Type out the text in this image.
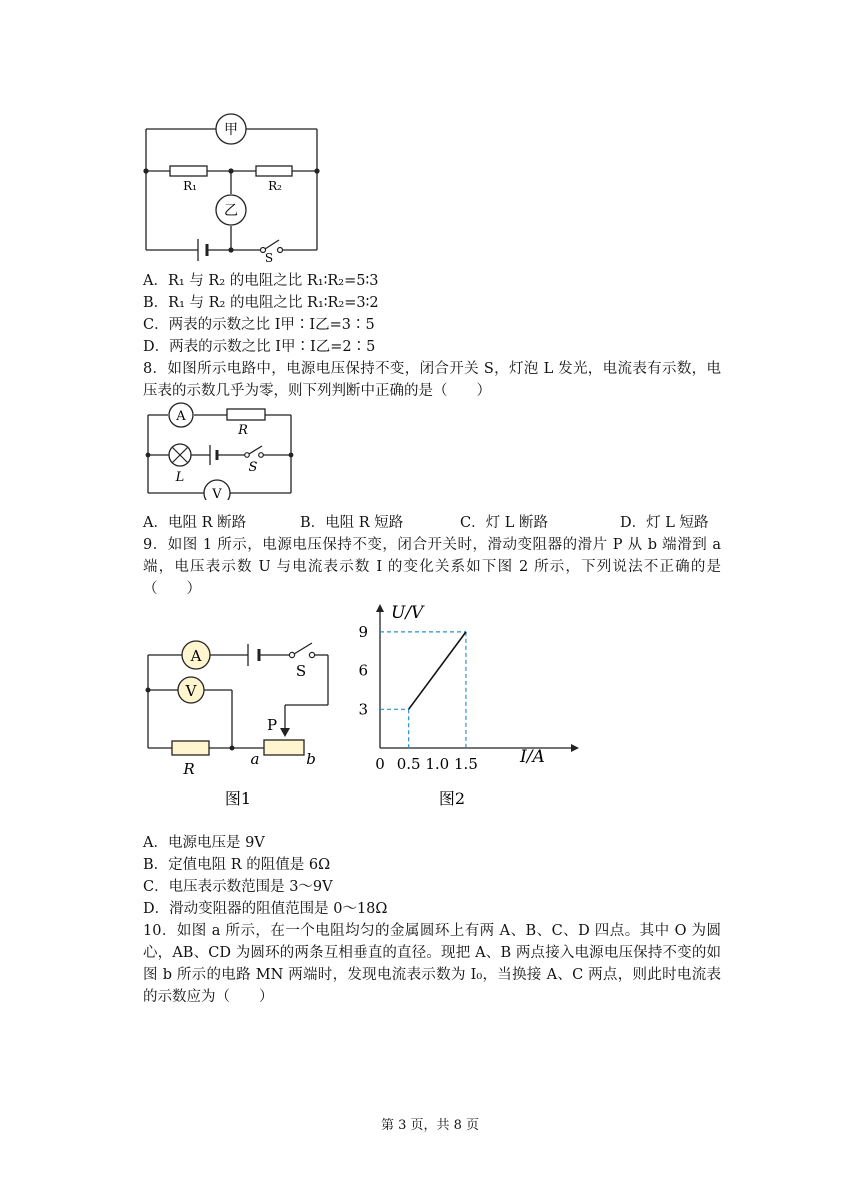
甲
乙
R₁	R₂
S
A．R₁ 与 R₂ 的电阻之比 R₁∶R₂=5∶3
B．R₁ 与 R₂ 的电阻之比 R₁∶R₂=3∶2
C．两表的示数之比 I甲∶I乙=3∶5
D．两表的示数之比 I甲∶I乙=2∶5
8．如图所示电路中，电源电压保持不变，闭合开关 S，灯泡 L 发光，电流表有示数，电压表的示数几乎为零，则下列判断中正确的是（　　）
A
R
L
S
V
A．电阻 R 断路	B．电阻 R 短路	C．灯 L 断路	D．灯 L 短路
9．如图 1 所示，电源电压保持不变，闭合开关时，滑动变阻器的滑片 P 从 b 端滑到 a 端，电压表示数 U 与电流表示数 I 的变化关系如下图 2 所示，下列说法不正确的是（　　）
A
V
S
P
R
a	b
图1
0 0.5 1.0 1.5
3
6
9
U/V
I/A
图2
A．电源电压是 9V
B．定值电阻 R 的阻值是 6Ω
C．电压表示数范围是 3～9V
D．滑动变阻器的阻值范围是 0～18Ω
10．如图 a 所示，在一个电阻均匀的金属圆环上有两 A、B、C、D 四点。其中 O 为圆心，AB、CD 为圆环的两条互相垂直的直径。现把 A、B 两点接入电源电压保持不变的如图 b 所示的电路 MN 两端时，发现电流表示数为 I₀，当换接 A、C 两点，则此时电流表的示数应为（　　）
第 3 页，共 8 页
